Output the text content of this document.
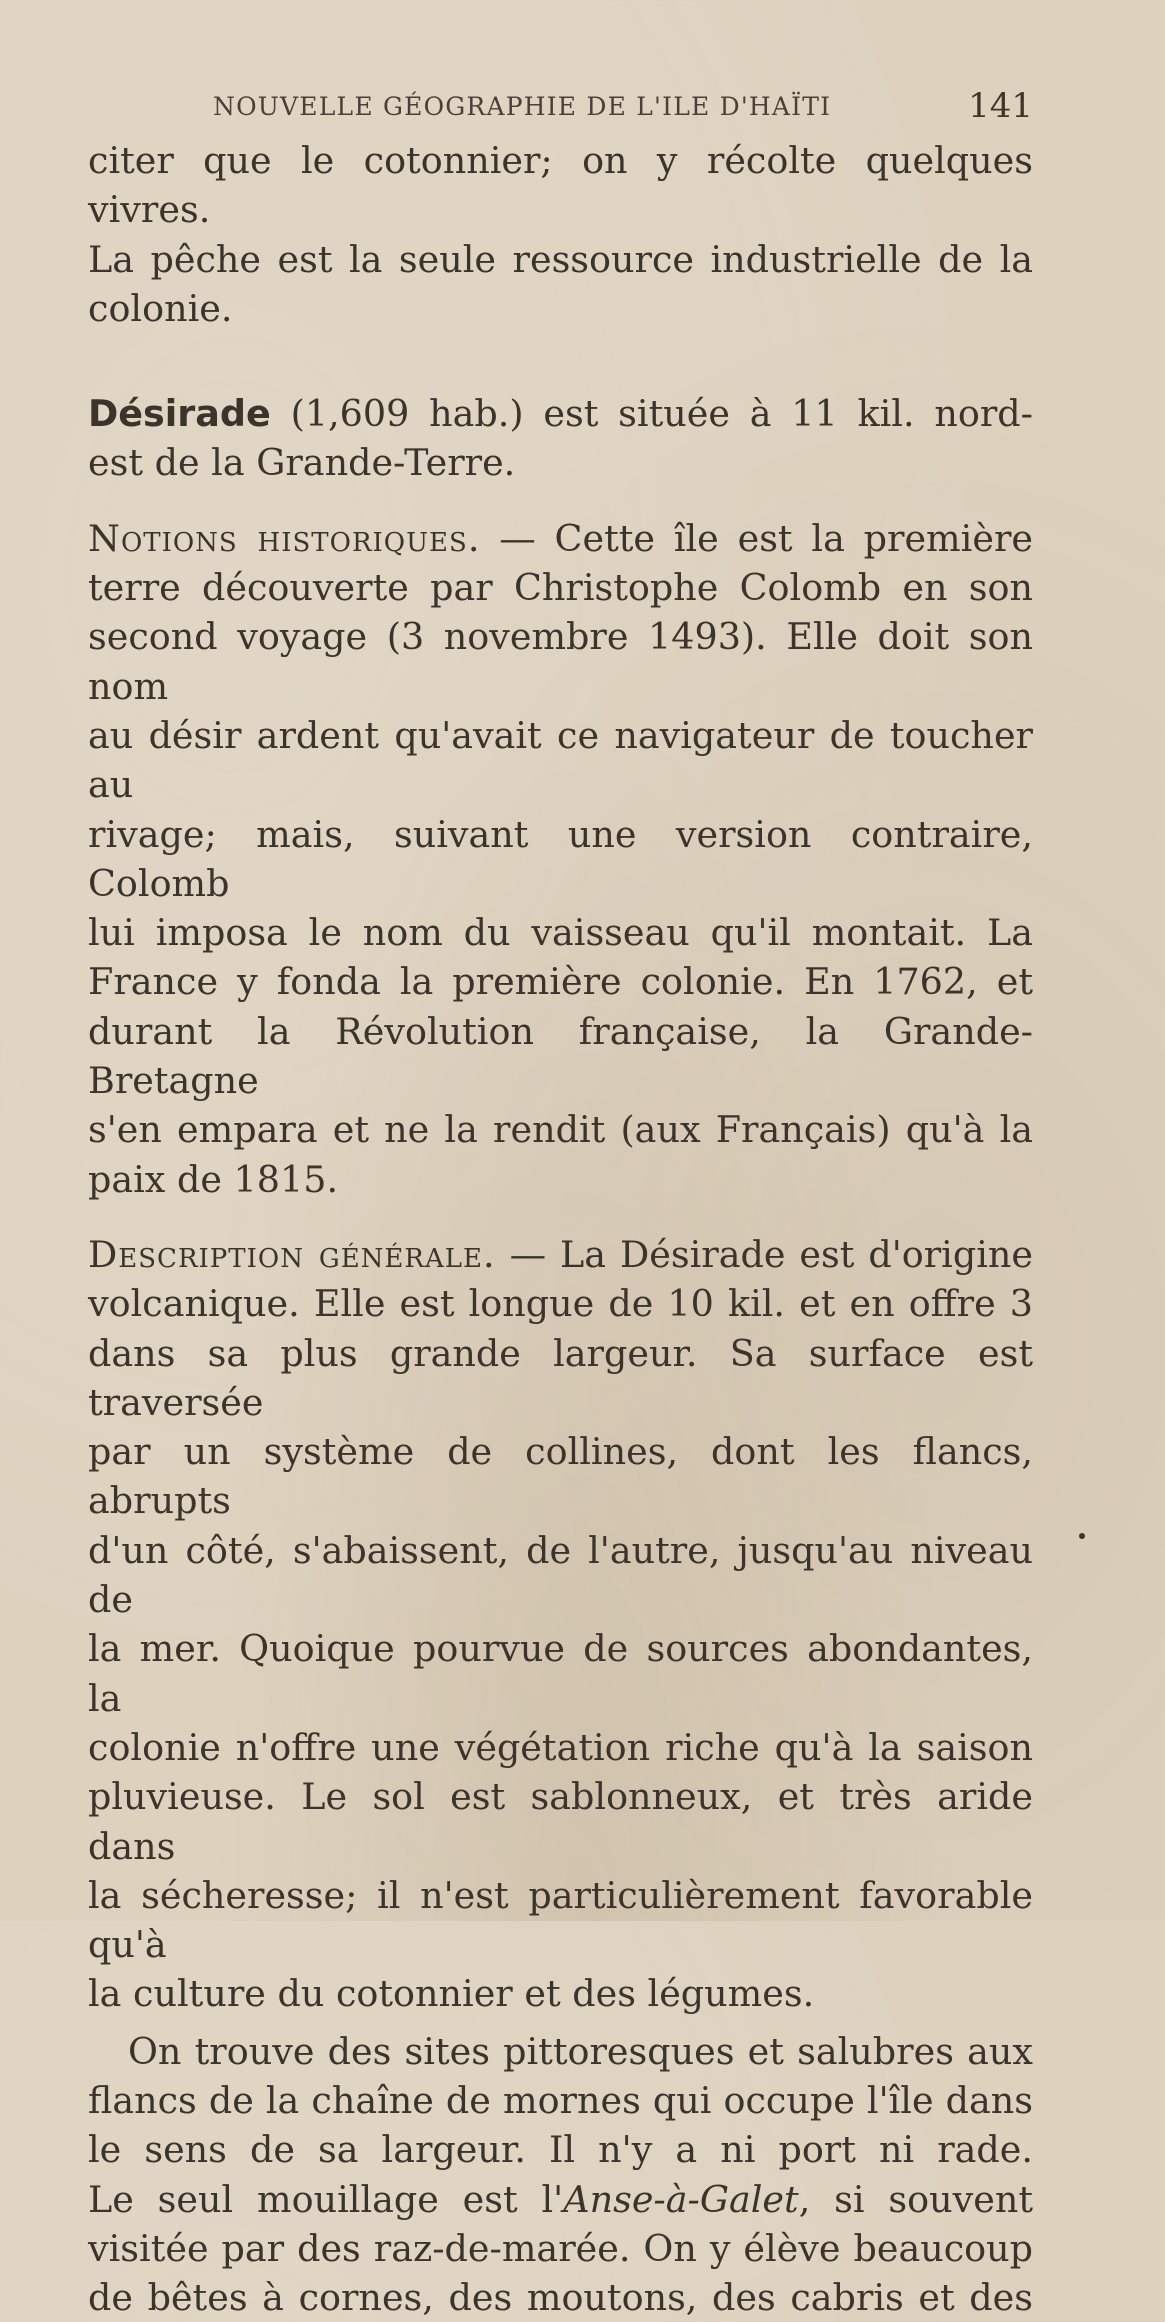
NOUVELLE GÉOGRAPHIE DE L'ILE D'HAÏTI	141

citer que le cotonnier; on y récolte quelques vivres.
La pêche est la seule ressource industrielle de la
colonie.

Désirade (1,609 hab.) est située à 11 kil. nord-
est de la Grande-Terre.

Notions historiques. — Cette île est la première
terre découverte par Christophe Colomb en son
second voyage (3 novembre 1493). Elle doit son nom
au désir ardent qu'avait ce navigateur de toucher au
rivage; mais, suivant une version contraire, Colomb
lui imposa le nom du vaisseau qu'il montait. La
France y fonda la première colonie. En 1762, et
durant la Révolution française, la Grande-Bretagne
s'en empara et ne la rendit (aux Français) qu'à la
paix de 1815.

Description générale. — La Désirade est d'origine
volcanique. Elle est longue de 10 kil. et en offre 3
dans sa plus grande largeur. Sa surface est traversée
par un système de collines, dont les flancs, abrupts
d'un côté, s'abaissent, de l'autre, jusqu'au niveau de
la mer. Quoique pourvue de sources abondantes, la
colonie n'offre une végétation riche qu'à la saison
pluvieuse. Le sol est sablonneux, et très aride dans
la sécheresse; il n'est particulièrement favorable qu'à
la culture du cotonnier et des légumes.

On trouve des sites pittoresques et salubres aux
flancs de la chaîne de mornes qui occupe l'île dans
le sens de sa largeur. Il n'y a ni port ni rade.
Le seul mouillage est l'Anse-à-Galet, si souvent
visitée par des raz-de-marée. On y élève beaucoup
de bêtes à cornes, des moutons, des cabris et des
